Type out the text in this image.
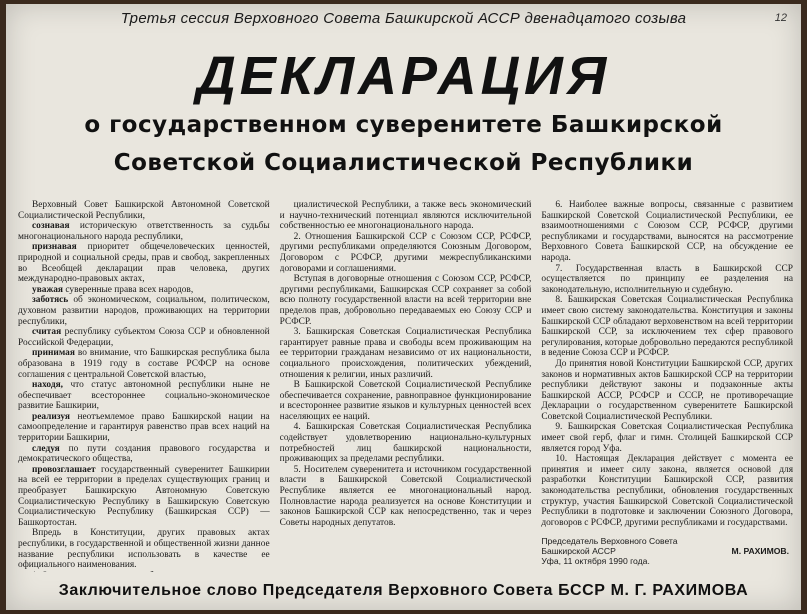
Третья сессия Верховного Совета Башкирской АССР двенадцатого созыва	12
ДЕКЛАРАЦИЯ
о государственном суверенитете Башкирской
Советской Социалистической Республики

Верховный Совет Башкирской Автономной Советской Социалистической Республики,

сознавая историческую ответственность за судьбы многонационального народа республики,

признавая приоритет общечеловеческих ценностей, природной и социальной среды, прав и свобод, закрепленных во Всеобщей декларации прав человека, других международно-правовых актах,

уважая суверенные права всех народов,

заботясь об экономическом, социальном, политическом, духовном развитии народов, проживающих на территории республики,

считая республику субъектом Союза ССР и обновленной Российской Федерации,

принимая во внимание, что Башкирская республика была образована в 1919 году в составе РСФСР на основе соглашения с центральной Советской властью,

находя, что статус автономной республики ныне не обеспечивает всестороннее социально-экономическое развитие Башкирии,

реализуя неотъемлемое право Башкирской нации на самоопределение и гарантируя равенство прав всех наций на территории Башкирии,

следуя по пути создания правового государства и демократического общества,

провозглашает государственный суверенитет Башкирии на всей ее территории в пределах существующих границ и преобразует Башкирскую Автономную Советскую Социалистическую Республику в Башкирскую Советскую Социалистическую Республику (Башкирская ССР) — Башкортостан.

Впредь в Конституции, других правовых актах республики, в государственной и общественной жизни данное название республики использовать в качестве ее официального наименования.

циалистической Республики, а также весь экономический и научно-технический потенциал являются исключительной собственностью ее многонационального народа.

2. Отношения Башкирской ССР с Союзом ССР, РСФСР, другими республиками определяются Союзным Договором, Договором с РСФСР, другими межреспубликанскими договорами и соглашениями.

Вступая в договорные отношения с Союзом ССР, РСФСР, другими республиками, Башкирская ССР сохраняет за собой всю полноту государственной власти на всей территории вне пределов прав, добровольно передаваемых ею Союзу ССР и РСФСР.

3. Башкирская Советская Социалистическая Республика гарантирует равные права и свободы всем проживающим на ее территории гражданам независимо от их национальности, социального происхождения, политических убеждений, отношения к религии, иных различий.

В Башкирской Советской Социалистической Республике обеспечивается сохранение, равноправное функционирование и всестороннее развитие языков и культурных ценностей всех населяющих ее наций.

4. Башкирская Советская Социалистическая Республика содействует удовлетворению национально-культурных потребностей лиц башкирской национальности, проживающих за пределами республики.

5. Носителем суверенитета и источником государственной власти в Башкирской Советской Социалистической Республике является ее многонациональный народ. Полновластие народа реализуется на основе Конституции и законов Башкирской ССР как непосредственно, так и через Советы народных депутатов.

6. Наиболее важные вопросы, связанные с развитием Башкирской Советской Социалистической Республики, ее взаимоотношениями с Союзом ССР, РСФСР, другими республиками и государствами, выносятся на рассмотрение Верховного Совета Башкирской ССР, на обсуждение ее народа.

7. Государственная власть в Башкирской ССР осуществляется по принципу ее разделения на законодательную, исполнительную и судебную.

8. Башкирская Советская Социалистическая Республика имеет свою систему законодательства. Конституция и законы Башкирской ССР обладают верховенством на всей территории Башкирской ССР, за исключением тех сфер правового регулирования, которые добровольно передаются республикой в ведение Союза ССР и РСФСР.

До принятия новой Конституции Башкирской ССР, других законов и нормативных актов Башкирской ССР на территории республики действуют законы и подзаконные акты Башкирской АССР, РСФСР и СССР, не противоречащие Декларации о государственном суверенитете Башкирской Советской Социалистической Республики.

9. Башкирская Советская Социалистическая Республика имеет свой герб, флаг и гимн. Столицей Башкирской ССР является город Уфа.

10. Настоящая Декларация действует с момента ее принятия и имеет силу закона, является основой для разработки Конституции Башкирской ССР, развития законодательства республики, обновления государственных структур, участия Башкирской Советской Социалистической Республики в подготовке и заключении Союзного Договора, договоров с РСФСР, другими республиками и государствами.

Председатель Верховного Совета
Башкирской АССР
Уфа, 11 октября 1990 года.
М. РАХИМОВ.
Заключительное слово Председателя Верховного Совета БССР М. Г. РАХИМОВА
